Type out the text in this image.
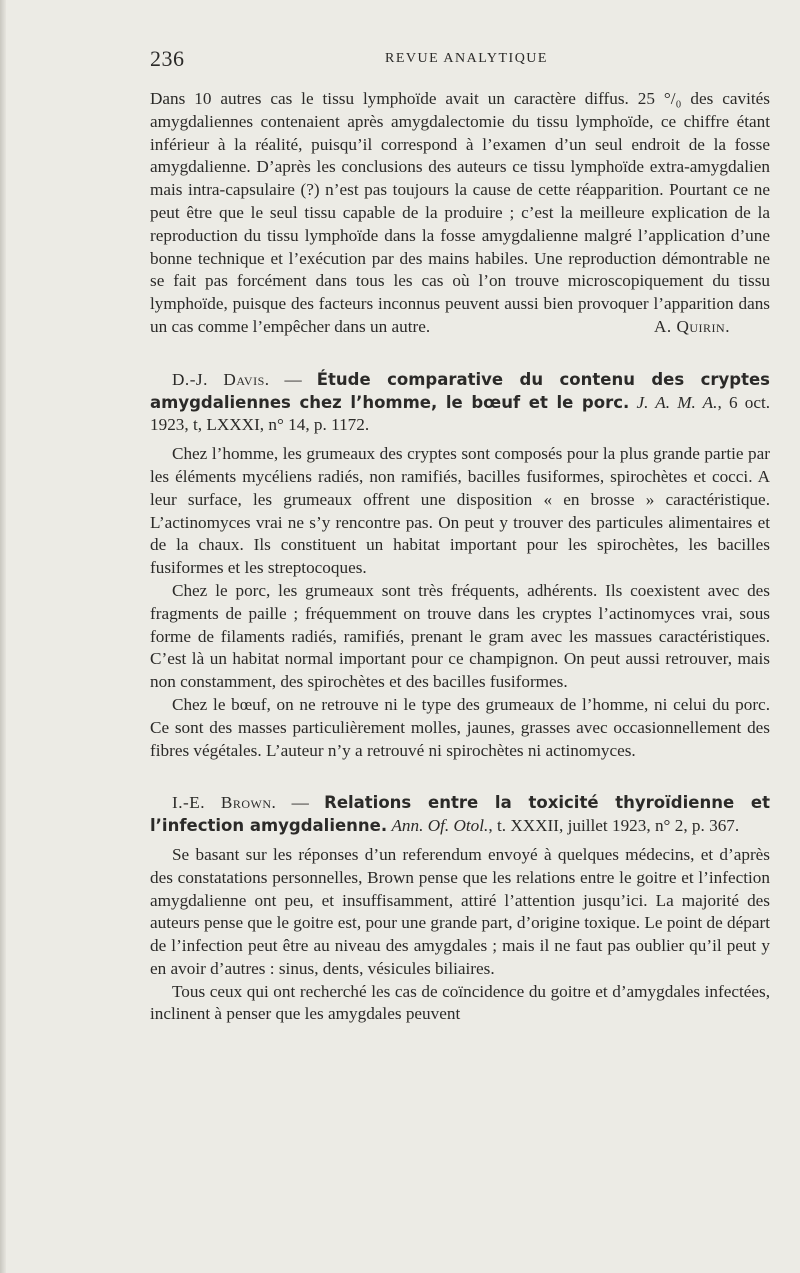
236	REVUE ANALYTIQUE

Dans 10 autres cas le tissu lymphoïde avait un caractère diffus. 25 °/₀ des cavités amygdaliennes contenaient après amygdalectomie du tissu lymphoïde, ce chiffre étant inférieur à la réalité, puisqu’il correspond à l’examen d’un seul endroit de la fosse amygdalienne. D’après les conclusions des auteurs ce tissu lymphoïde extra-amygdalien mais intra-capsulaire (?) n’est pas toujours la cause de cette réapparition. Pourtant ce ne peut être que le seul tissu capable de la produire ; c’est la meilleure explication de la reproduction du tissu lymphoïde dans la fosse amygdalienne malgré l’application d’une bonne technique et l’exécution par des mains habiles. Une reproduction démontrable ne se fait pas forcément dans tous les cas où l’on trouve microscopiquement du tissu lymphoïde, puisque des facteurs inconnus peuvent aussi bien provoquer l’apparition dans un cas comme l’empêcher dans un autre.	A. Quirin.

D.-J. Davis. — Étude comparative du contenu des cryptes amygdaliennes chez l’homme, le bœuf et le porc. J. A. M. A., 6 oct. 1923, t, LXXXI, n° 14, p. 1172.

Chez l’homme, les grumeaux des cryptes sont composés pour la plus grande partie par les éléments mycéliens radiés, non ramifiés, bacilles fusiformes, spirochètes et cocci. A leur surface, les grumeaux offrent une disposition « en brosse » caractéristique. L’actinomyces vrai ne s’y rencontre pas. On peut y trouver des particules alimentaires et de la chaux. Ils constituent un habitat important pour les spirochètes, les bacilles fusiformes et les streptocoques.

Chez le porc, les grumeaux sont très fréquents, adhérents. Ils coexistent avec des fragments de paille ; fréquemment on trouve dans les cryptes l’actinomyces vrai, sous forme de filaments radiés, ramifiés, prenant le gram avec les massues caractéristiques. C’est là un habitat normal important pour ce champignon. On peut aussi retrouver, mais non constamment, des spirochètes et des bacilles fusiformes.

Chez le bœuf, on ne retrouve ni le type des grumeaux de l’homme, ni celui du porc. Ce sont des masses particulièrement molles, jaunes, grasses avec occasionnellement des fibres végétales. L’auteur n’y a retrouvé ni spirochètes ni actinomyces.

I.-E. Brown. — Relations entre la toxicité thyroïdienne et l’infection amygdalienne. Ann. Of. Otol., t. XXXII, juillet 1923, n° 2, p. 367.

Se basant sur les réponses d’un referendum envoyé à quelques médecins, et d’après des constatations personnelles, Brown pense que les relations entre le goitre et l’infection amygdalienne ont peu, et insuffisamment, attiré l’attention jusqu’ici. La majorité des auteurs pense que le goitre est, pour une grande part, d’origine toxique. Le point de départ de l’infection peut être au niveau des amygdales ; mais il ne faut pas oublier qu’il peut y en avoir d’autres : sinus, dents, vésicules biliaires.

Tous ceux qui ont recherché les cas de coïncidence du goitre et d’amygdales infectées, inclinent à penser que les amygdales peuvent
